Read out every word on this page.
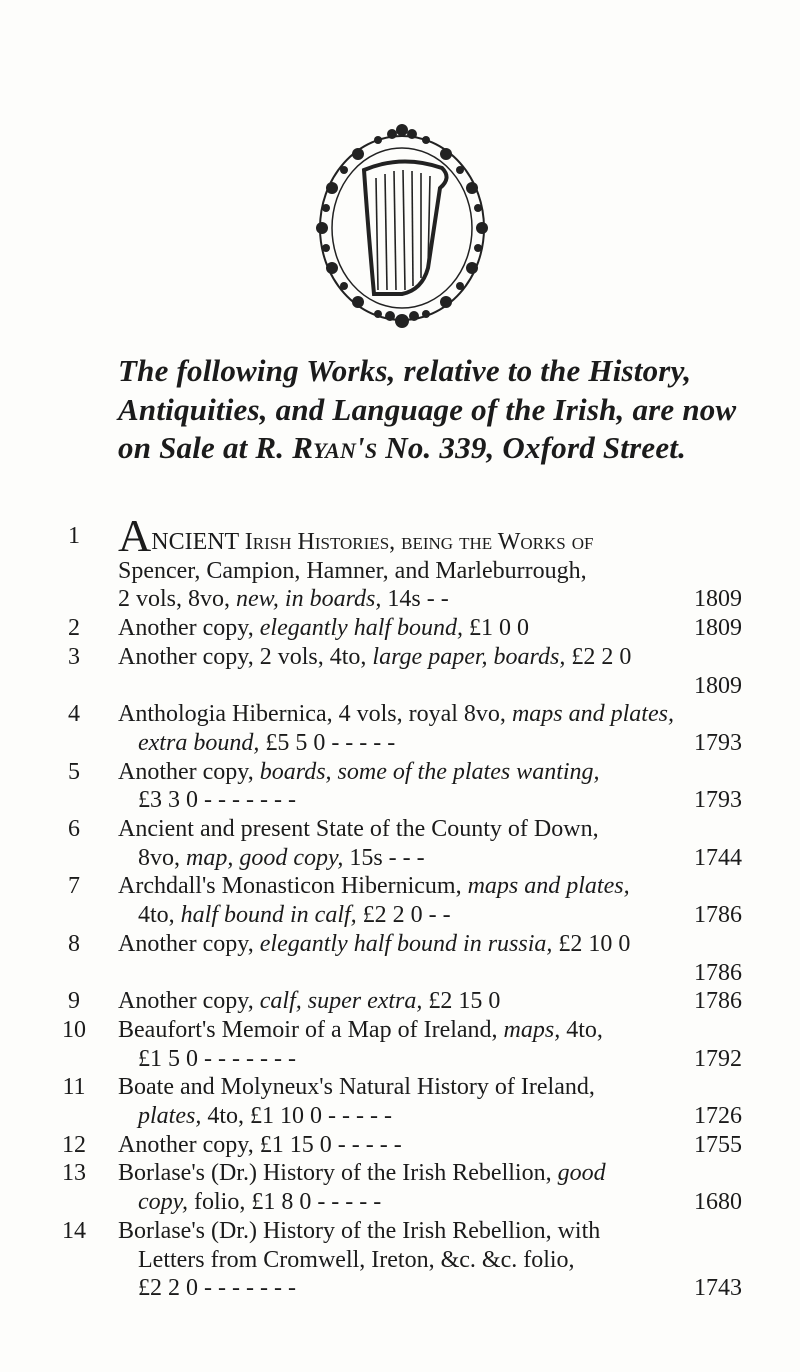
The following Works, relative to the History, Antiquities, and Language of the Irish, are now on Sale at R. Ryan's No. 339, Oxford Street.

1 ANCIENT Irish Histories, being the Works of
Spencer, Campion, Hamner, and Marleburrough,
2 vols, 8vo, new, in boards, 14s - -	1809
2 Another copy, elegantly half bound, £1 0 0	1809
3 Another copy, 2 vols, 4to, large paper, boards, £2 2 0
1809
4 Anthologia Hibernica, 4 vols, royal 8vo, maps and plates,
extra bound, £5 5 0 - - - - -	1793
5 Another copy, boards, some of the plates wanting,
£3 3 0 - - - - - - -	1793
6 Ancient and present State of the County of Down,
8vo, map, good copy, 15s - - -	1744
7 Archdall's Monasticon Hibernicum, maps and plates,
4to, half bound in calf, £2 2 0 - -	1786
8 Another copy, elegantly half bound in russia, £2 10 0
1786
9 Another copy, calf, super extra, £2 15 0	1786
10 Beaufort's Memoir of a Map of Ireland, maps, 4to,
£1 5 0 - - - - - - -	1792
11 Boate and Molyneux's Natural History of Ireland,
plates, 4to, £1 10 0 - - - - -	1726
12 Another copy, £1 15 0 - - - - -	1755
13 Borlase's (Dr.) History of the Irish Rebellion, good
copy, folio, £1 8 0 - - - - -	1680
14 Borlase's (Dr.) History of the Irish Rebellion, with
Letters from Cromwell, Ireton, &c. &c. folio,
£2 2 0 - - - - - - -	1743
